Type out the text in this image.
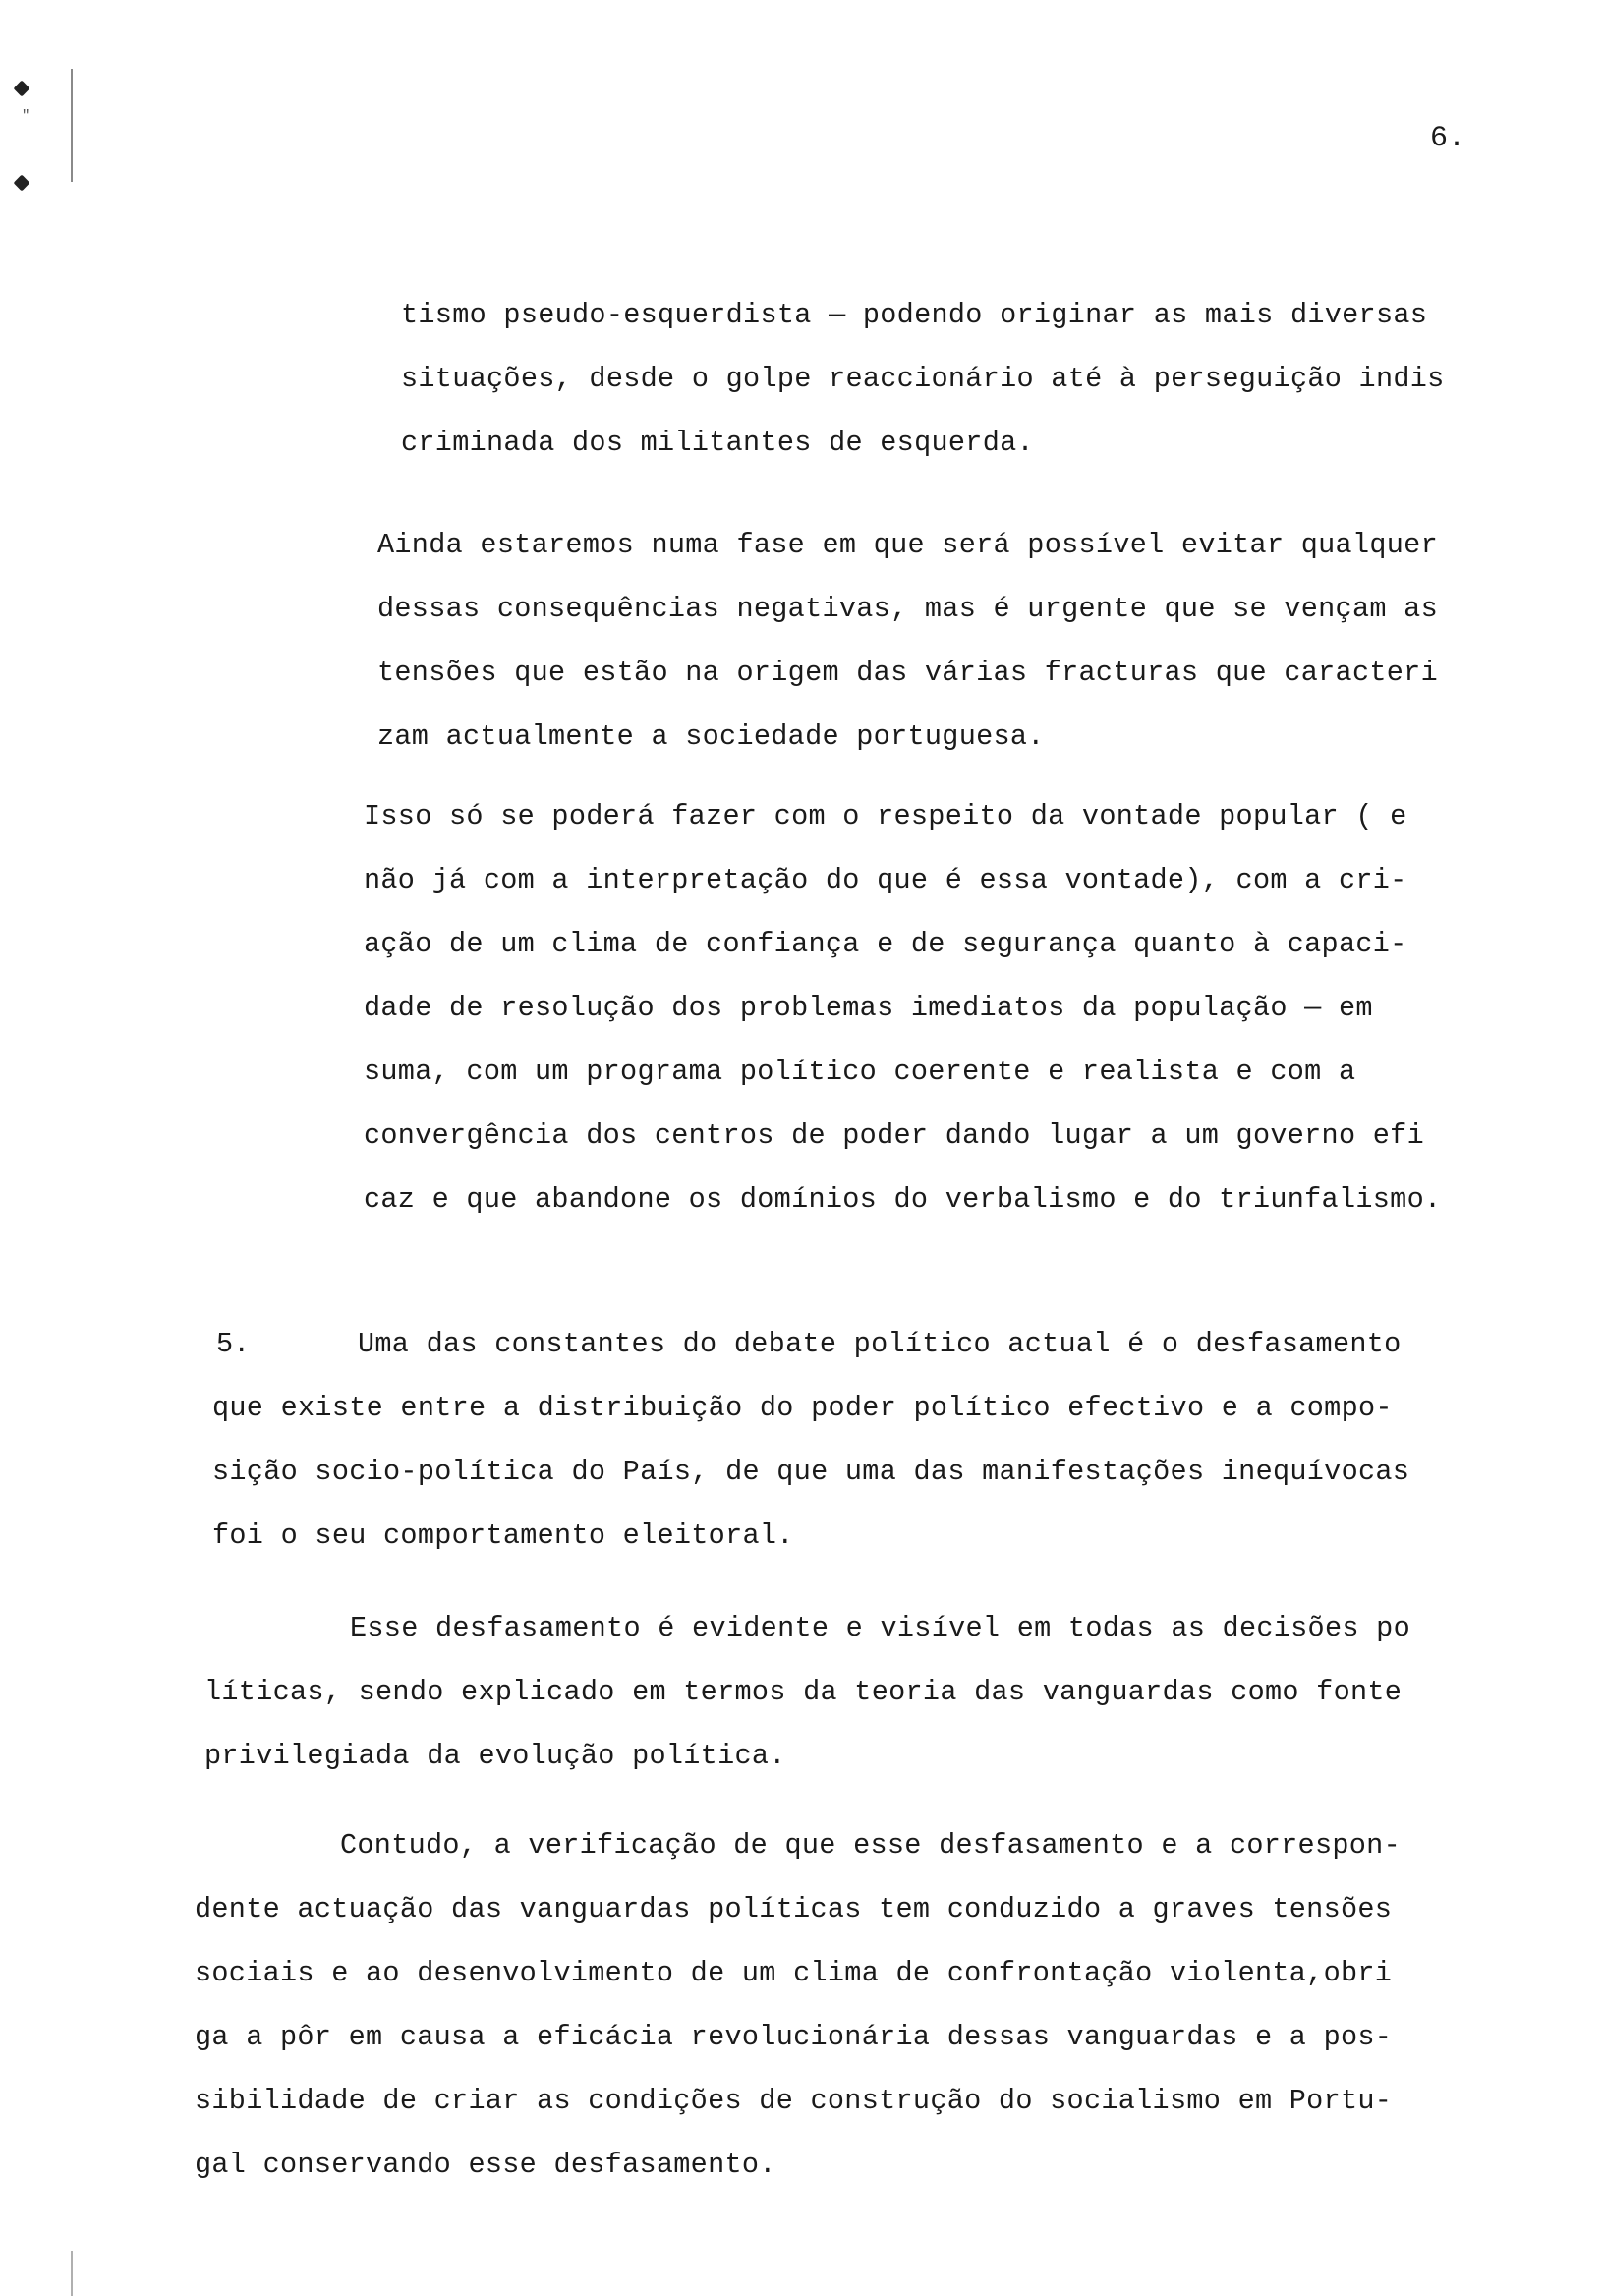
"
6.
tismo pseudo-esquerdista — podendo originar as mais diversas
situações, desde o golpe reaccionário até à perseguição indis
criminada dos militantes de esquerda.
Ainda estaremos numa fase em que será possível evitar qualquer
dessas consequências negativas, mas é urgente que se vençam as
tensões que estão na origem das várias fracturas que caracteri
zam actualmente a sociedade portuguesa.
Isso só se poderá fazer com o respeito da vontade popular ( e
não já com a interpretação do que é essa vontade), com a cri-
ação de um clima de confiança e de segurança quanto à capaci-
dade de resolução dos problemas imediatos da população — em
suma, com um programa político coerente e realista e com a
convergência dos centros de poder dando lugar a um governo efi
caz e que abandone os domínios do verbalismo e do triunfalismo.
5.	Uma das constantes do debate político actual é o desfasamento
que existe entre a distribuição do poder político efectivo e a compo-
sição socio-política do País, de que uma das manifestações inequívocas
foi o seu comportamento eleitoral.
Esse desfasamento é evidente e visível em todas as decisões po
líticas, sendo explicado em termos da teoria das vanguardas como fonte
privilegiada da evolução política.
Contudo, a verificação de que esse desfasamento e a correspon-
dente actuação das vanguardas políticas tem conduzido a graves tensões
sociais e ao desenvolvimento de um clima de confrontação violenta,obri
ga a pôr em causa a eficácia revolucionária dessas vanguardas e a pos-
sibilidade de criar as condições de construção do socialismo em Portu-
gal conservando esse desfasamento.
